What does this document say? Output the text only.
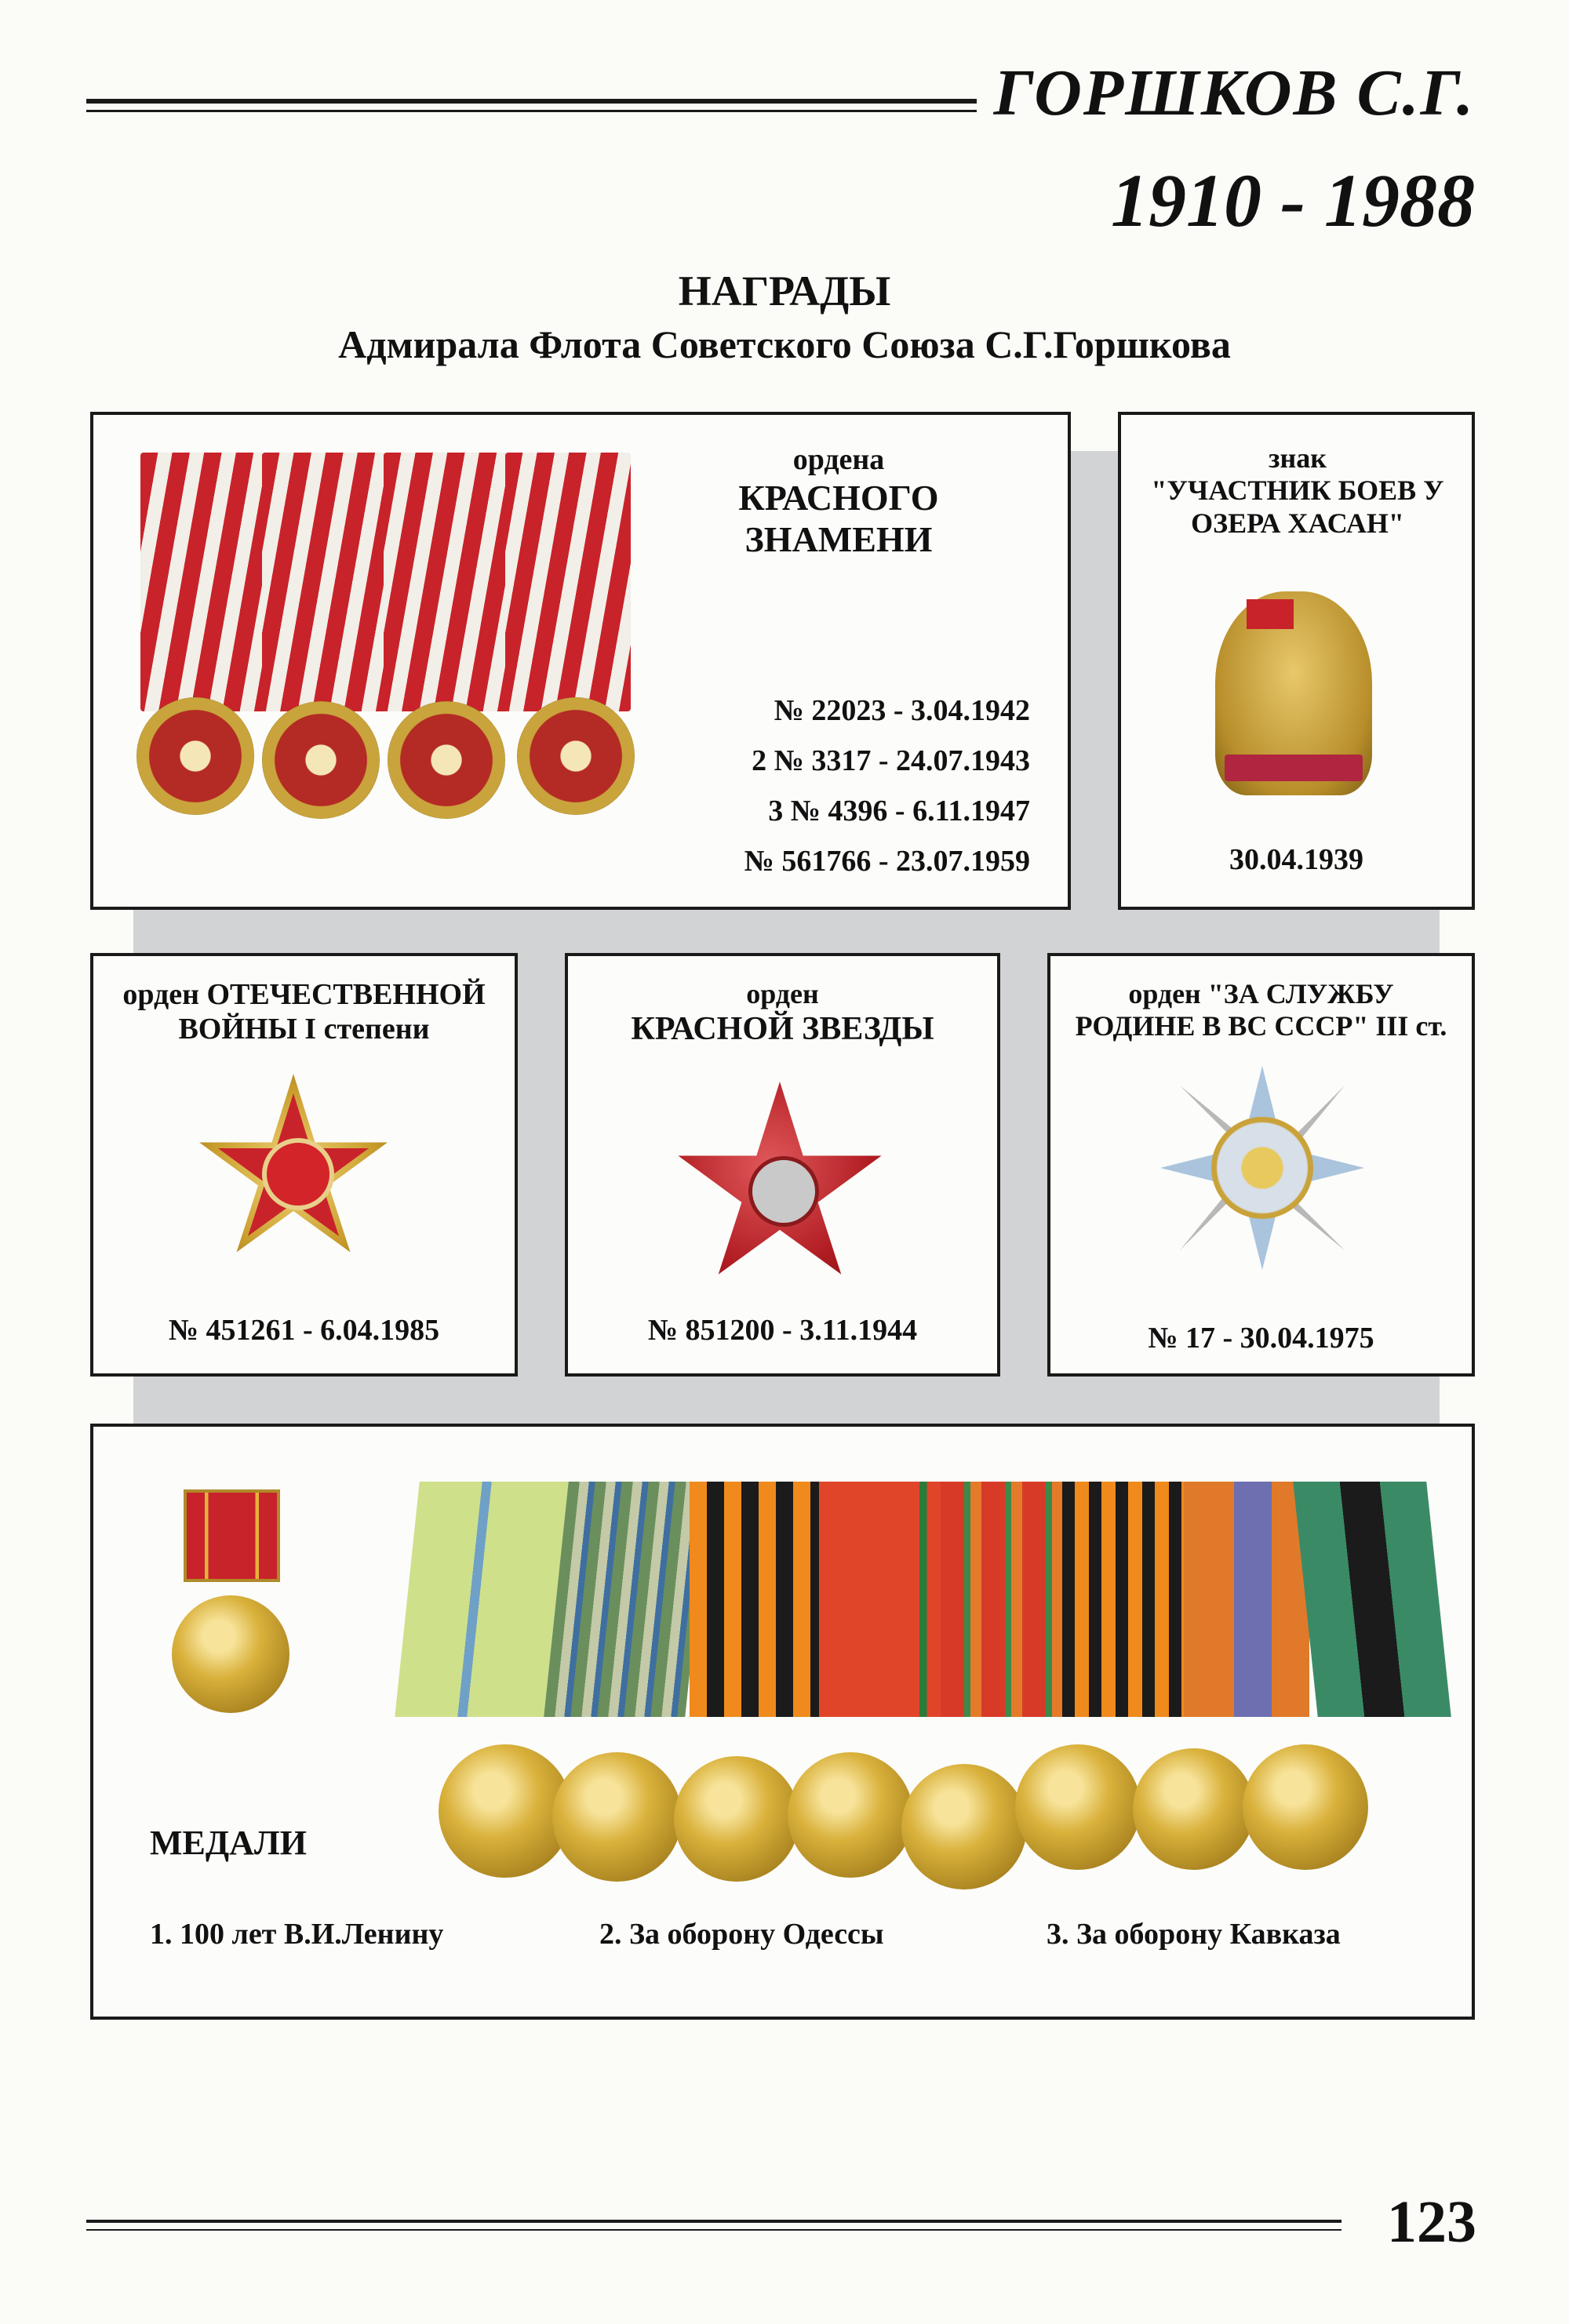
ГОРШКОВ С.Г.
1910 - 1988
НАГРАДЫ
Адмирала Флота Советского Союза С.Г.Горшкова
ордена
КРАСНОГО
ЗНАМЕНИ
№ 22023 - 3.04.1942
2 № 3317 - 24.07.1943
3 № 4396 - 6.11.1947
№ 561766 - 23.07.1959
знак
"УЧАСТНИК БОЕВ У
ОЗЕРА ХАСАН"
30.04.1939
орден ОТЕЧЕСТВЕННОЙ
ВОЙНЫ I степени
№ 451261 - 6.04.1985
орден
КРАСНОЙ ЗВЕЗДЫ
№ 851200 - 3.11.1944
орден "ЗА СЛУЖБУ
РОДИНЕ В ВС СССР" III ст.
№ 17 - 30.04.1975
МЕДАЛИ
1. 100 лет В.И.Ленину	2. За оборону Одессы	3. За оборону Кавказа
123
